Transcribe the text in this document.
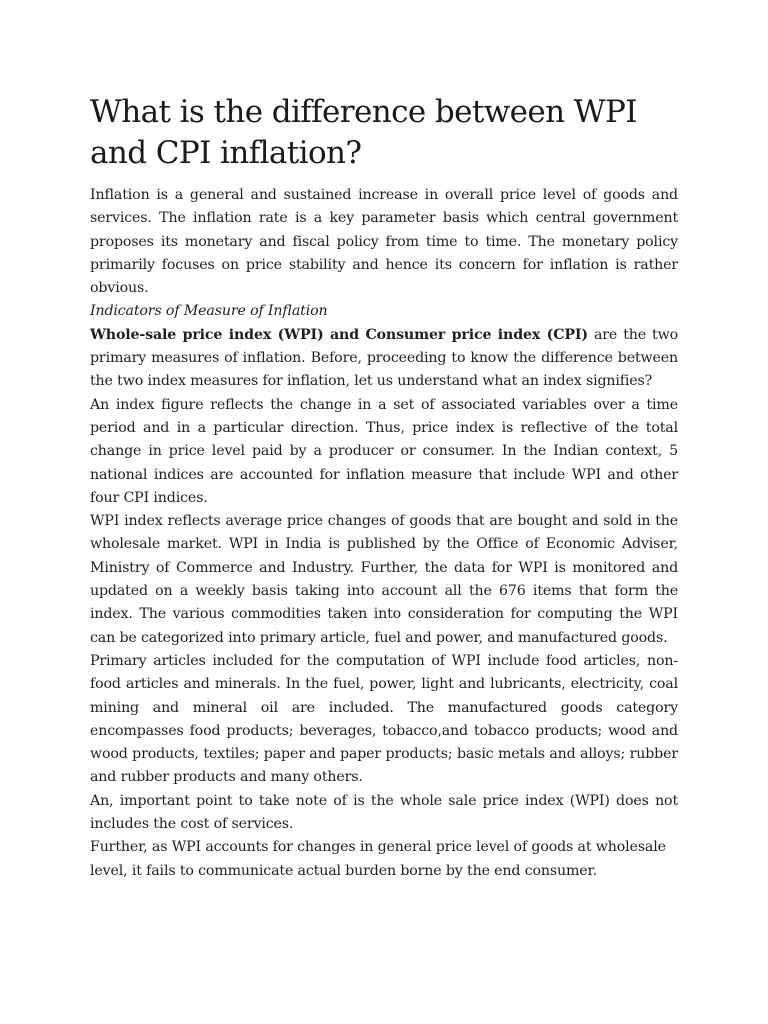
What is the difference between WPI and CPI inflation?

Inflation is a general and sustained increase in overall price level of goods and services. The inflation rate is a key parameter basis which central government proposes its monetary and fiscal policy from time to time. The monetary policy primarily focuses on price stability and hence its concern for inflation is rather obvious.

Indicators of Measure of Inflation

Whole-sale price index (WPI) and Consumer price index (CPI) are the two primary measures of inflation. Before, proceeding to know the difference between the two index measures for inflation, let us understand what an index signifies?

An index figure reflects the change in a set of associated variables over a time period and in a particular direction. Thus, price index is reflective of the total change in price level paid by a producer or consumer. In the Indian context, 5 national indices are accounted for inflation measure that include WPI and other four CPI indices.

WPI index reflects average price changes of goods that are bought and sold in the wholesale market. WPI in India is published by the Office of Economic Adviser, Ministry of Commerce and Industry. Further, the data for WPI is monitored and updated on a weekly basis taking into account all the 676 items that form the index. The various commodities taken into consideration for computing the WPI can be categorized into primary article, fuel and power, and manufactured goods.

Primary articles included for the computation of WPI include food articles, non-food articles and minerals. In the fuel, power, light and lubricants, electricity, coal mining and mineral oil are included. The manufactured goods category encompasses food products; beverages, tobacco,and tobacco products; wood and wood products, textiles; paper and paper products; basic metals and alloys; rubber and rubber products and many others.

An, important point to take note of is the whole sale price index (WPI) does not includes the cost of services.

Further, as WPI accounts for changes in general price level of goods at wholesale level, it fails to communicate actual burden borne by the end consumer.
